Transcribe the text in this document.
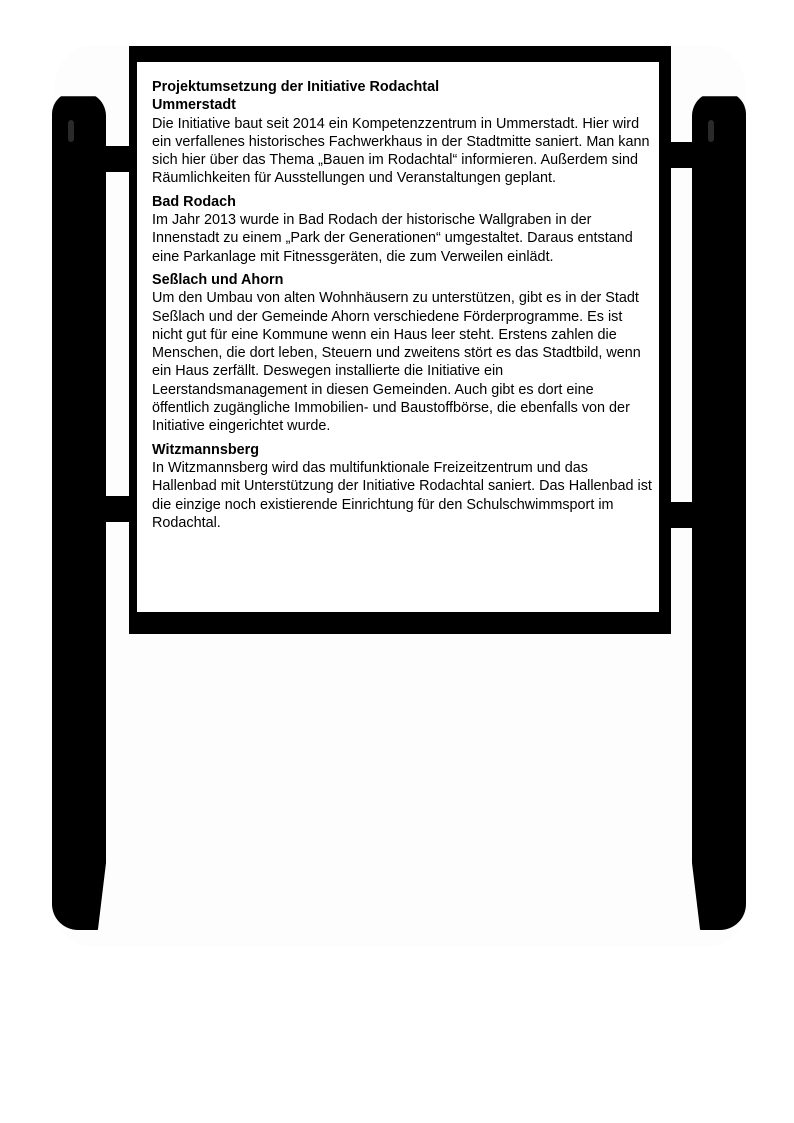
Projektumsetzung der Initiative Rodachtal
Ummerstadt

Die Initiative baut seit 2014 ein Kompetenzzentrum in Ummerstadt. Hier wird ein verfallenes historisches Fachwerkhaus in der Stadtmitte saniert. Man kann sich hier über das Thema „Bauen im Rodachtal“ informieren. Außerdem sind Räumlichkeiten für Ausstellungen und Veranstaltungen geplant.

Bad Rodach

Im Jahr 2013 wurde in Bad Rodach der historische Wallgraben in der Innenstadt zu einem „Park der Generationen“ umgestaltet. Daraus entstand eine Parkanlage mit Fitnessgeräten, die zum Verweilen einlädt.

Seßlach und Ahorn

Um den Umbau von alten Wohnhäusern zu unterstützen, gibt es in der Stadt Seßlach und der Gemeinde Ahorn verschiedene Förderprogramme. Es ist nicht gut für eine Kommune wenn ein Haus leer steht. Erstens zahlen die Menschen, die dort leben, Steuern und zweitens stört es das Stadtbild, wenn ein Haus zerfällt. Deswegen installierte die Initiative ein Leerstandsmanagement in diesen Gemeinden. Auch gibt es dort eine öffentlich zugängliche Immobilien- und Baustoffbörse, die ebenfalls von der Initiative eingerichtet wurde.

Witzmannsberg

In Witzmannsberg wird das multifunktionale Freizeitzentrum und das Hallenbad mit Unterstützung der Initiative Rodachtal saniert. Das Hallenbad ist die einzige noch existierende Einrichtung für den Schulschwimmsport im Rodachtal.
